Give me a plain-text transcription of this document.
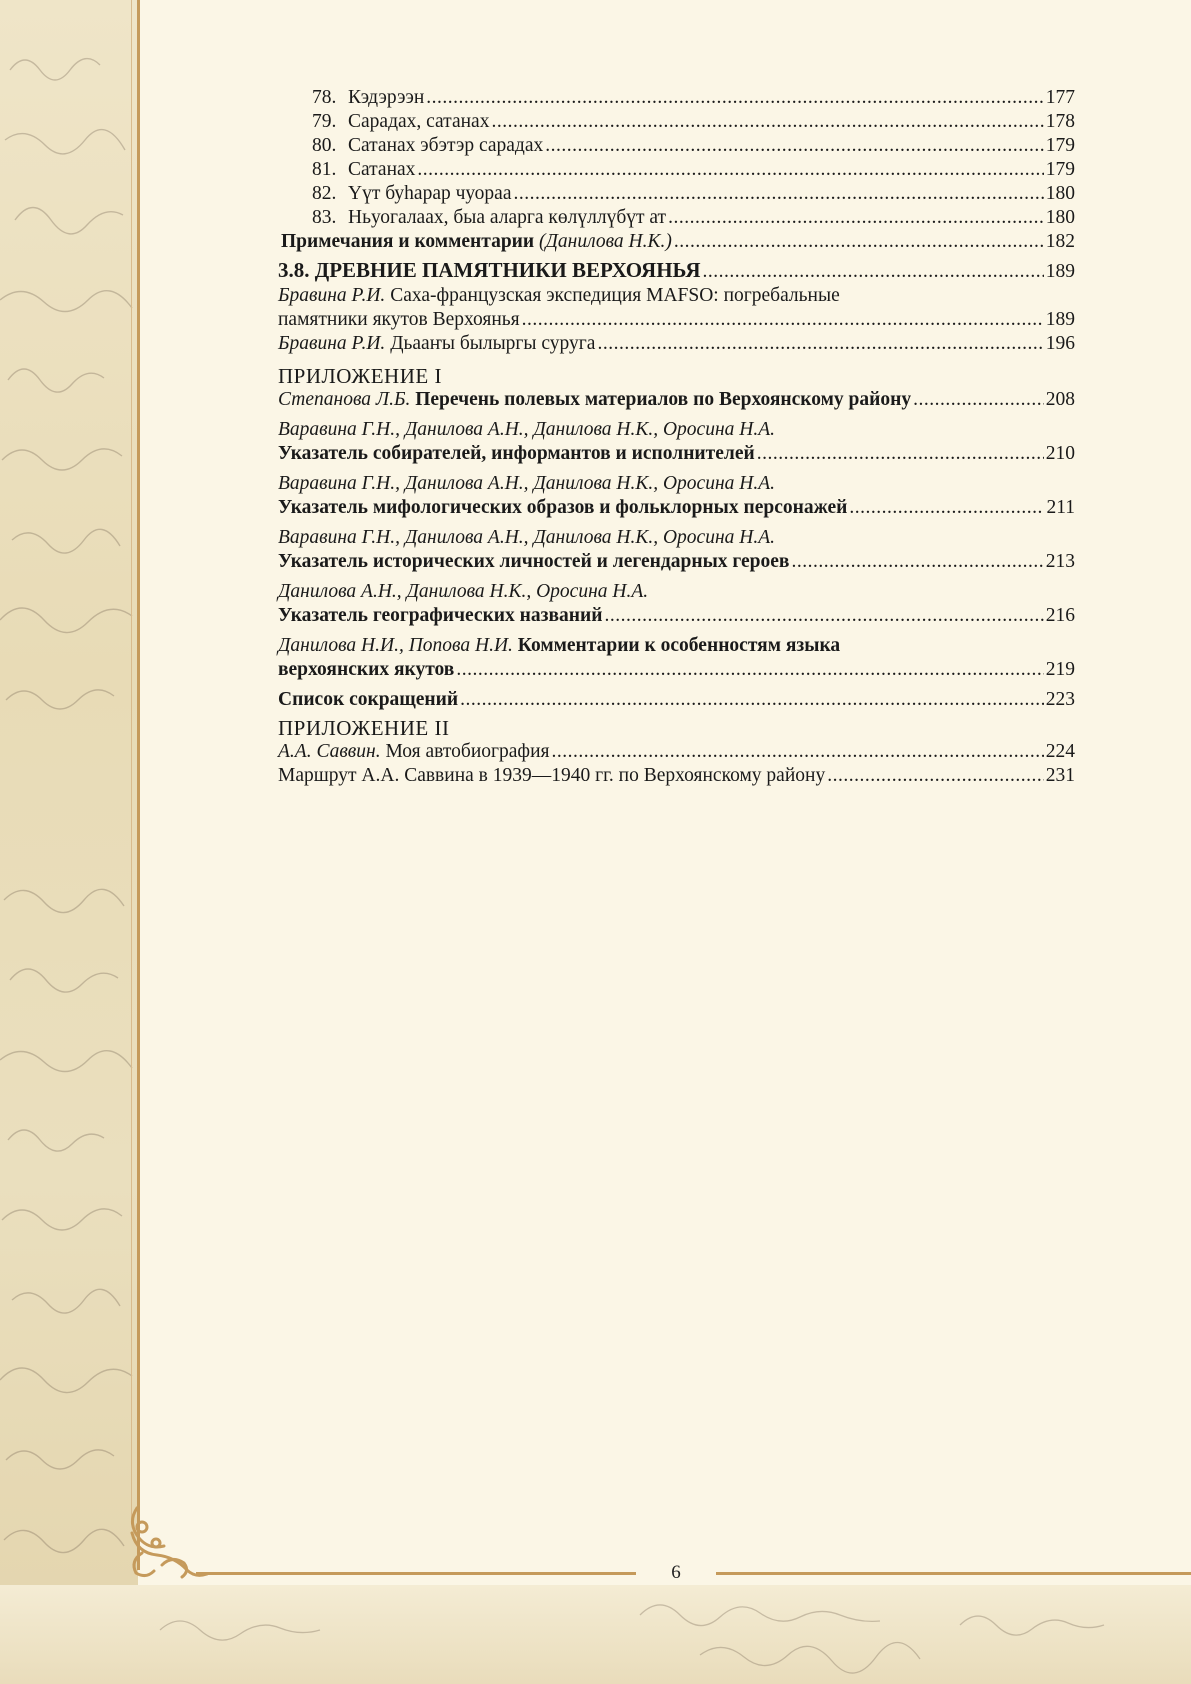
6
78. Кэдэрээн .....	177
79. Сарадах, сатанах .....	178
80. Сатанах эбэтэр сарадах .....	179
81. Сатанах .....	179
82. Үүт буһарар чуораа .....	180
83. Ньуогалаах, быа аларга көлүллүбүт ат .....	180
Примечания и комментарии (Данилова Н.К.) .....	182
3.8. ДРЕВНИЕ ПАМЯТНИКИ ВЕРХОЯНЬЯ .....	189
Бравина Р.И. Саха-французская экспедиция MAFSO: погребальные
памятники якутов Верхоянья .....	189
Бравина Р.И. Дьааҥы былыргы суруга .....	196
ПРИЛОЖЕНИЕ I
Степанова Л.Б. Перечень полевых материалов по Верхоянскому району .....	208
Варавина Г.Н., Данилова А.Н., Данилова Н.К., Оросина Н.А.
Указатель собирателей, информантов и исполнителей .....	210
Варавина Г.Н., Данилова А.Н., Данилова Н.К., Оросина Н.А.
Указатель мифологических образов и фольклорных персонажей .....	211
Варавина Г.Н., Данилова А.Н., Данилова Н.К., Оросина Н.А.
Указатель исторических личностей и легендарных героев .....	213
Данилова А.Н., Данилова Н.К., Оросина Н.А.
Указатель географических названий .....	216
Данилова Н.И., Попова Н.И. Комментарии к особенностям языка
верхоянских якутов .....	219
Список сокращений .....	223
ПРИЛОЖЕНИЕ II
А.А. Саввин. Моя автобиография .....	224
Маршрут А.А. Саввина в 1939—1940 гг. по Верхоянскому району .....	231
